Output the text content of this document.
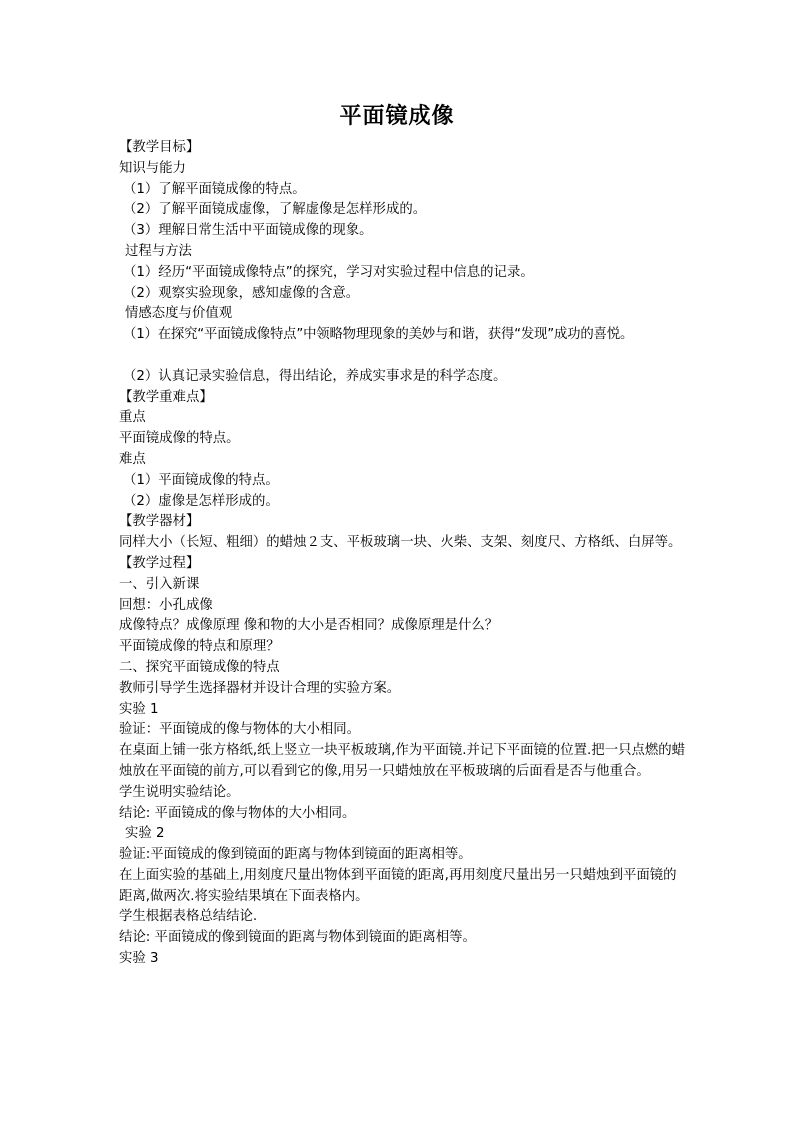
平面镜成像
【教学目标】
知识与能力
（1）了解平面镜成像的特点。
（2）了解平面镜成虚像，了解虚像是怎样形成的。
（3）理解日常生活中平面镜成像的现象。
过程与方法
（1）经历“平面镜成像特点”的探究，学习对实验过程中信息的记录。
（2）观察实验现象，感知虚像的含意。
情感态度与价值观
（1）在探究“平面镜成像特点”中领略物理现象的美妙与和谐，获得“发现”成功的喜悦。
（2）认真记录实验信息，得出结论，养成实事求是的科学态度。
【教学重难点】
重点
平面镜成像的特点。
难点
（1）平面镜成像的特点。
（2）虚像是怎样形成的。
【教学器材】
同样大小（长短、粗细）的蜡烛２支、平板玻璃一块、火柴、支架、刻度尺、方格纸、白屏等。
【教学过程】
一、引入新课
回想：小孔成像
成像特点？成像原理 像和物的大小是否相同？成像原理是什么？
平面镜成像的特点和原理？
二、探究平面镜成像的特点
教师引导学生选择器材并设计合理的实验方案。
实验 1
验证：平面镜成的像与物体的大小相同。
在桌面上铺一张方格纸,纸上竖立一块平板玻璃,作为平面镜.并记下平面镜的位置.把一只点燃的蜡烛放在平面镜的前方,可以看到它的像,用另一只蜡烛放在平板玻璃的后面看是否与他重合。
学生说明实验结论。
结论: 平面镜成的像与物体的大小相同。
实验 2
验证:平面镜成的像到镜面的距离与物体到镜面的距离相等。
在上面实验的基础上,用刻度尺量出物体到平面镜的距离,再用刻度尺量出另一只蜡烛到平面镜的距离,做两次.将实验结果填在下面表格内。
学生根据表格总结结论.
结论: 平面镜成的像到镜面的距离与物体到镜面的距离相等。
实验 3
